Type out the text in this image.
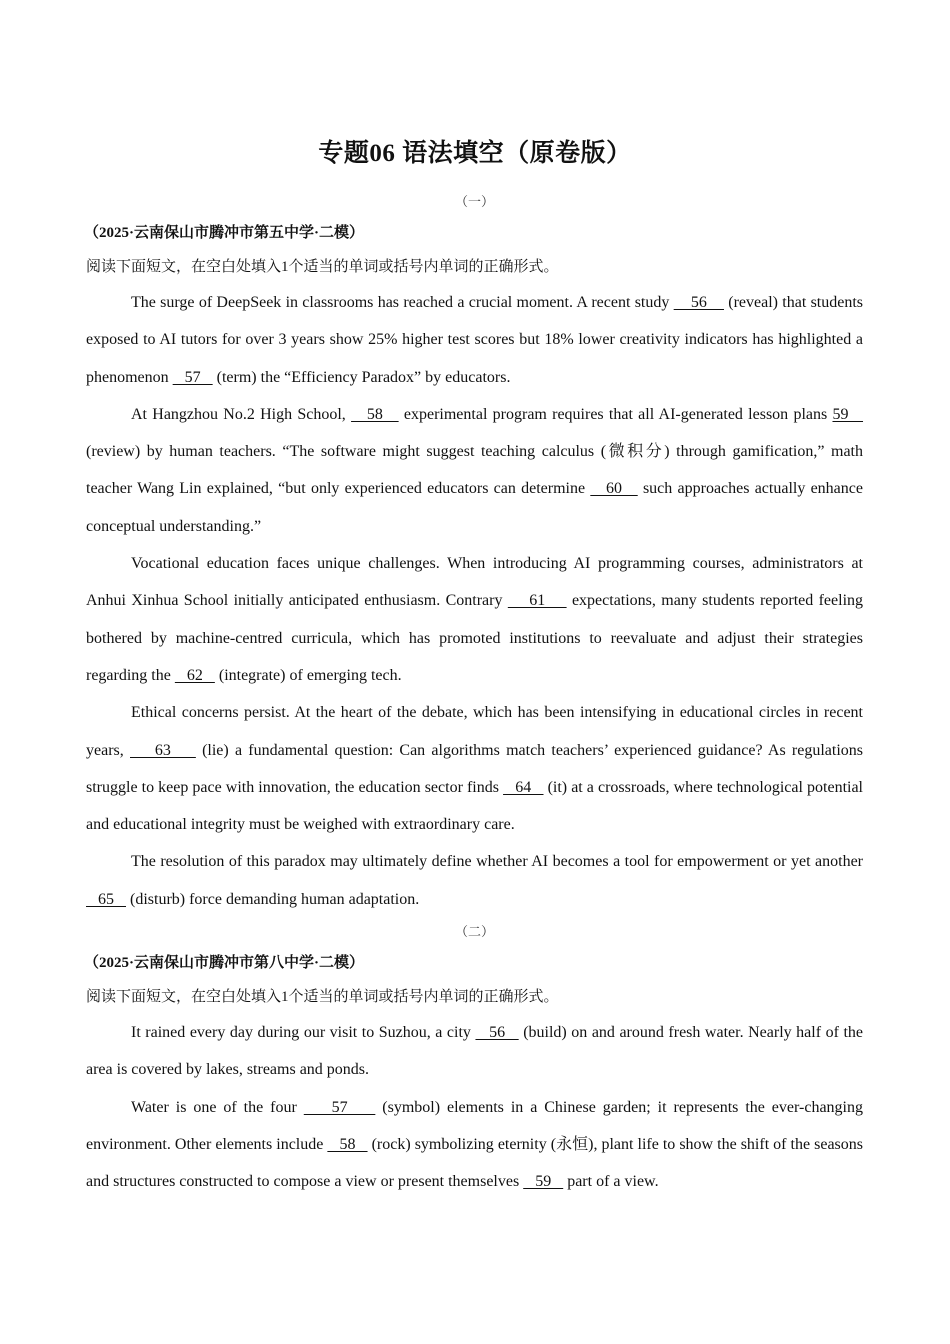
专题06 语法填空（原卷版）
（一）
（2025·云南保山市腾冲市第五中学·二模）
阅读下面短文，在空白处填入1个适当的单词或括号内单词的正确形式。

The surge of DeepSeek in classrooms has reached a crucial moment. A recent study     56     (reveal) that students exposed to AI tutors for over 3 years show 25% higher test scores but 18% lower creativity indicators has highlighted a phenomenon    57    (term) the “Efficiency Paradox” by educators.

At Hangzhou No.2 High School,    58    experimental program requires that all AI-generated lesson plans 59    (review) by human teachers. “The software might suggest teaching calculus (微积分) through gamification,” math teacher Wang Lin explained, “but only experienced educators can determine    60    such approaches actually enhance conceptual understanding.”

Vocational education faces unique challenges. When introducing AI programming courses, administrators at Anhui Xinhua School initially anticipated enthusiasm. Contrary     61     expectations, many students reported feeling bothered by machine-centred curricula, which has promoted institutions to reevaluate and adjust their strategies regarding the    62    (integrate) of emerging tech.

Ethical concerns persist. At the heart of the debate, which has been intensifying in educational circles in recent years,     63     (lie) a fundamental question: Can algorithms match teachers’ experienced guidance? As regulations struggle to keep pace with innovation, the education sector finds    64    (it) at a crossroads, where technological potential and educational integrity must be weighed with extraordinary care.

The resolution of this paradox may ultimately define whether AI becomes a tool for empowerment or yet another    65    (disturb) force demanding human adaptation.

（二）
（2025·云南保山市腾冲市第八中学·二模）
阅读下面短文，在空白处填入1个适当的单词或括号内单词的正确形式。

It rained every day during our visit to Suzhou, a city    56    (build) on and around fresh water. Nearly half of the area is covered by lakes, streams and ponds.

Water is one of the four     57     (symbol) elements in a Chinese garden; it represents the ever-changing environment. Other elements include    58    (rock) symbolizing eternity (永恒), plant life to show the shift of the seasons and structures constructed to compose a view or present themselves    59    part of a view.
